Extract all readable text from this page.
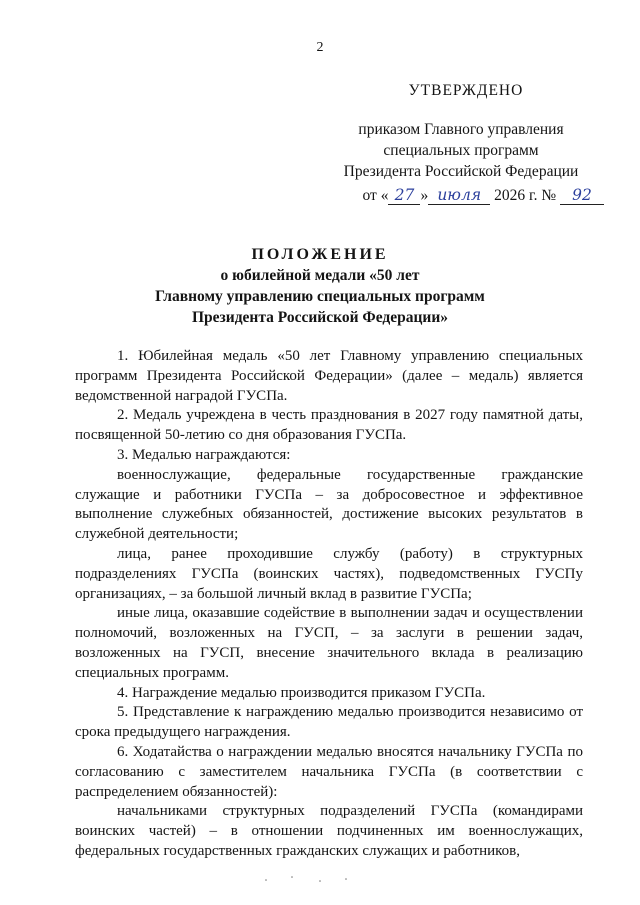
2
УТВЕРЖДЕНО
приказом Главного управления
специальных программ
Президента Российской Федерации
от « 27 » июля 2026 г. № 92
ПОЛОЖЕНИЕ
о юбилейной медали «50 лет
Главному управлению специальных программ
Президента Российской Федерации»

1. Юбилейная медаль «50 лет Главному управлению специальных программ Президента Российской Федерации» (далее – медаль) является ведомственной наградой ГУСПа.

2. Медаль учреждена в честь празднования в 2027 году памятной даты, посвященной 50-летию со дня образования ГУСПа.

3. Медалью награждаются:

военнослужащие, федеральные государственные гражданские служащие и работники ГУСПа – за добросовестное и эффективное выполнение служебных обязанностей, достижение высоких результатов в служебной деятельности;

лица, ранее проходившие службу (работу) в структурных подразделениях ГУСПа (воинских частях), подведомственных ГУСПу организациях, – за большой личный вклад в развитие ГУСПа;

иные лица, оказавшие содействие в выполнении задач и осуществлении полномочий, возложенных на ГУСП, – за заслуги в решении задач, возложенных на ГУСП, внесение значительного вклада в реализацию специальных программ.

4. Награждение медалью производится приказом ГУСПа.

5. Представление к награждению медалью производится независимо от срока предыдущего награждения.

6. Ходатайства о награждении медалью вносятся начальнику ГУСПа по согласованию с заместителем начальника ГУСПа (в соответствии с распределением обязанностей):

начальниками структурных подразделений ГУСПа (командирами воинских частей) – в отношении подчиненных им военнослужащих, федеральных государственных гражданских служащих и работников,
